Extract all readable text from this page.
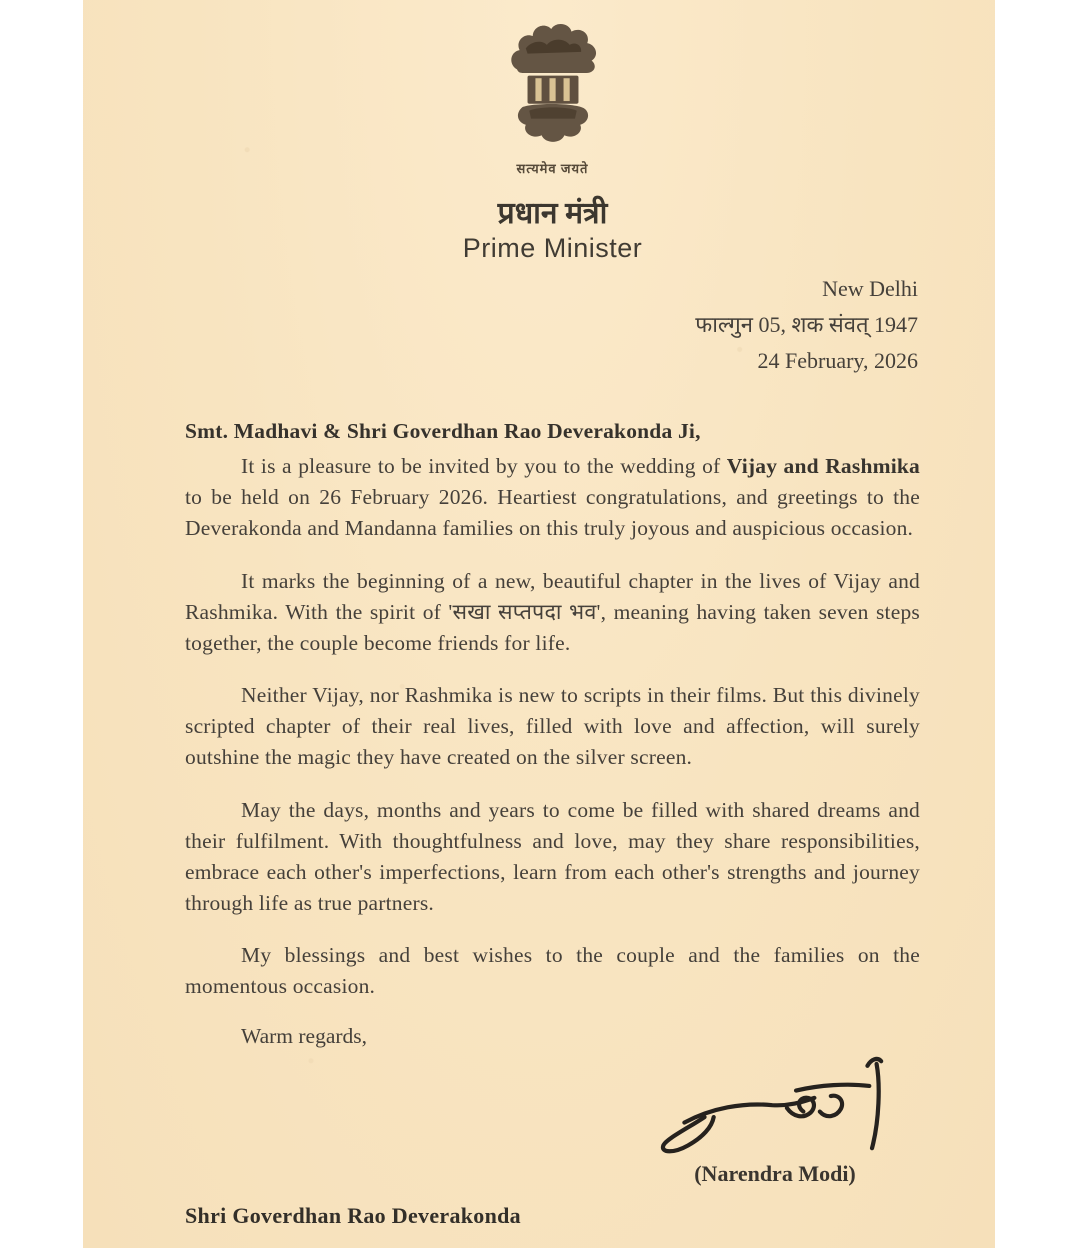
सत्यमेव जयते
प्रधान मंत्री
Prime Minister
New Delhi
फाल्गुन 05, शक संवत् 1947
24 February, 2026
Smt. Madhavi & Shri Goverdhan Rao Deverakonda Ji,

It is a pleasure to be invited by you to the wedding of Vijay and Rashmika to be held on 26 February 2026. Heartiest congratulations, and greetings to the Deverakonda and Mandanna families on this truly joyous and auspicious occasion.

It marks the beginning of a new, beautiful chapter in the lives of Vijay and Rashmika. With the spirit of 'सखा सप्तपदा भव', meaning having taken seven steps together, the couple become friends for life.

Neither Vijay, nor Rashmika is new to scripts in their films. But this divinely scripted chapter of their real lives, filled with love and affection, will surely outshine the magic they have created on the silver screen.

May the days, months and years to come be filled with shared dreams and their fulfilment. With thoughtfulness and love, may they share responsibilities, embrace each other's imperfections, learn from each other's strengths and journey through life as true partners.

My blessings and best wishes to the couple and the families on the momentous occasion.

Warm regards,
(Narendra Modi)
Shri Goverdhan Rao Deverakonda
